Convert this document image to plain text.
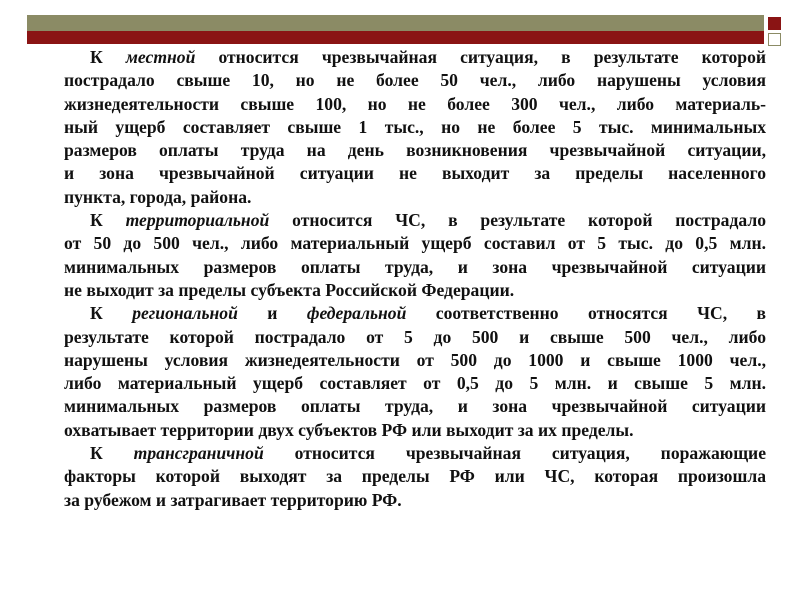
К местной относится чрезвычайная ситуация, в результате которой
пострадало свыше 10, но не более 50 чел., либо нарушены условия
жизнедеятельности свыше 100, но не более 300 чел., либо материаль-
ный ущерб составляет свыше 1 тыс., но не более 5 тыс. минимальных
размеров оплаты труда на день возникновения чрезвычайной ситуации,
и зона чрезвычайной ситуации не выходит за пределы населенного
пункта, города, района.
К территориальной относится ЧС, в результате которой пострадало
от 50 до 500 чел., либо материальный ущерб составил от 5 тыс. до 0,5 млн.
минимальных размеров оплаты труда, и зона чрезвычайной ситуации
не выходит за пределы субъекта Российской Федерации.
К региональной и федеральной соответственно относятся ЧС, в
результате которой пострадало от 5 до 500 и свыше 500 чел., либо
нарушены условия жизнедеятельности от 500 до 1000 и свыше 1000 чел.,
либо материальный ущерб составляет от 0,5 до 5 млн. и свыше 5 млн.
минимальных размеров оплаты труда, и зона чрезвычайной ситуации
охватывает территории двух субъектов РФ или выходит за их пределы.
К трансграничной относится чрезвычайная ситуация, поражающие
факторы которой выходят за пределы РФ или ЧС, которая произошла
за рубежом и затрагивает территорию РФ.
